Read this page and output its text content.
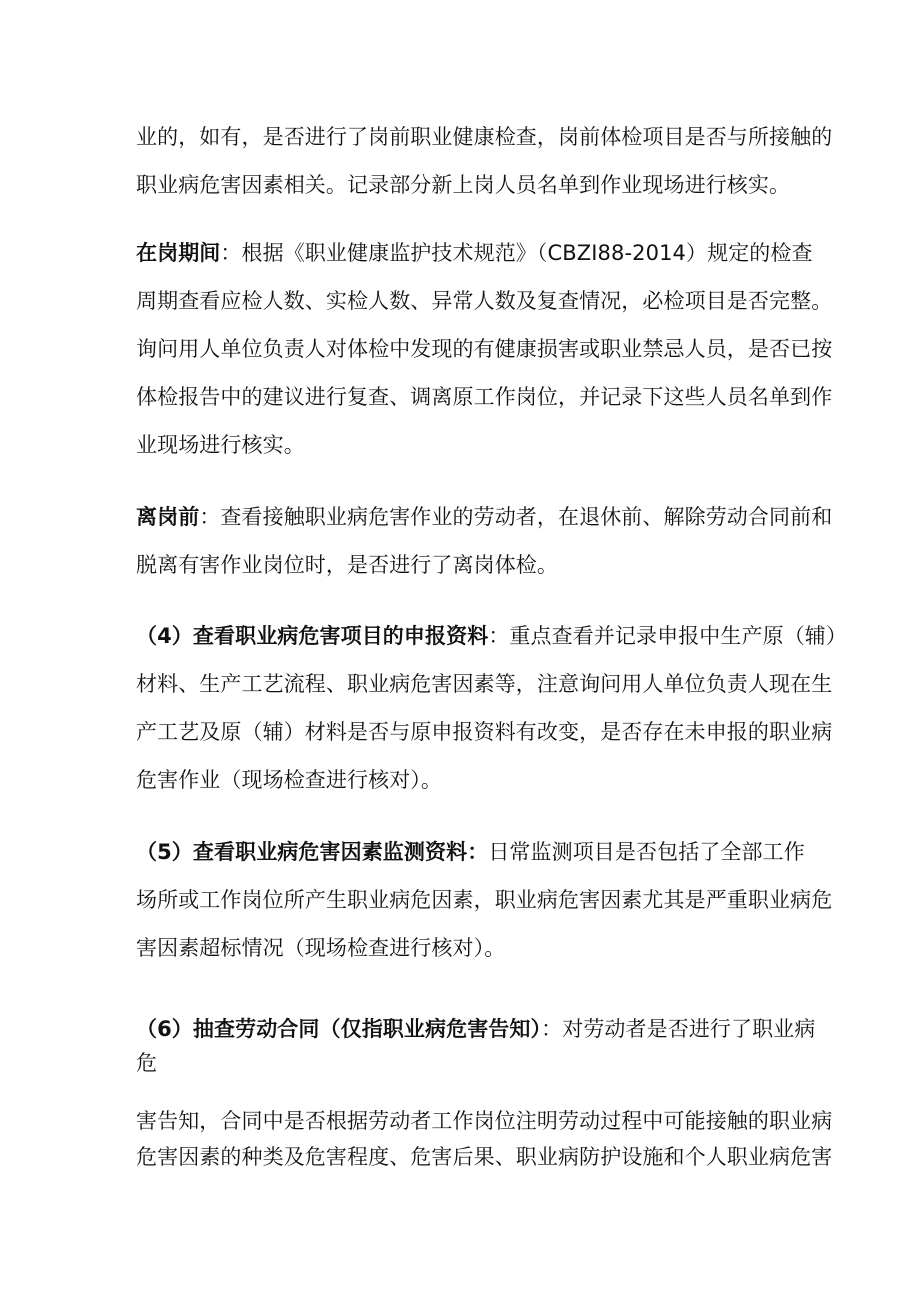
业的，如有，是否进行了岗前职业健康检查，岗前体检项目是否与所接触的
职业病危害因素相关。记录部分新上岗人员名单到作业现场进行核实。
在岗期间：根据《职业健康监护技术规范》（CBZI88-2014）规定的检查
周期查看应检人数、实检人数、异常人数及复查情况，必检项目是否完整。
询问用人单位负责人对体检中发现的有健康损害或职业禁忌人员，是否已按
体检报告中的建议进行复查、调离原工作岗位，并记录下这些人员名单到作
业现场进行核实。
离岗前：查看接触职业病危害作业的劳动者，在退休前、解除劳动合同前和
脱离有害作业岗位时，是否进行了离岗体检。
（4）查看职业病危害项目的申报资料：重点查看并记录申报中生产原（辅）
材料、生产工艺流程、职业病危害因素等，注意询问用人单位负责人现在生
产工艺及原（辅）材料是否与原申报资料有改变，是否存在未申报的职业病
危害作业（现场检查进行核对）。
（5）查看职业病危害因素监测资料：日常监测项目是否包括了全部工作
场所或工作岗位所产生职业病危因素，职业病危害因素尤其是严重职业病危
害因素超标情况（现场检查进行核对）。
（6）抽查劳动合同（仅指职业病危害告知）：对劳动者是否进行了职业病
危
害告知，合同中是否根据劳动者工作岗位注明劳动过程中可能接触的职业病
危害因素的种类及危害程度、危害后果、职业病防护设施和个人职业病危害
